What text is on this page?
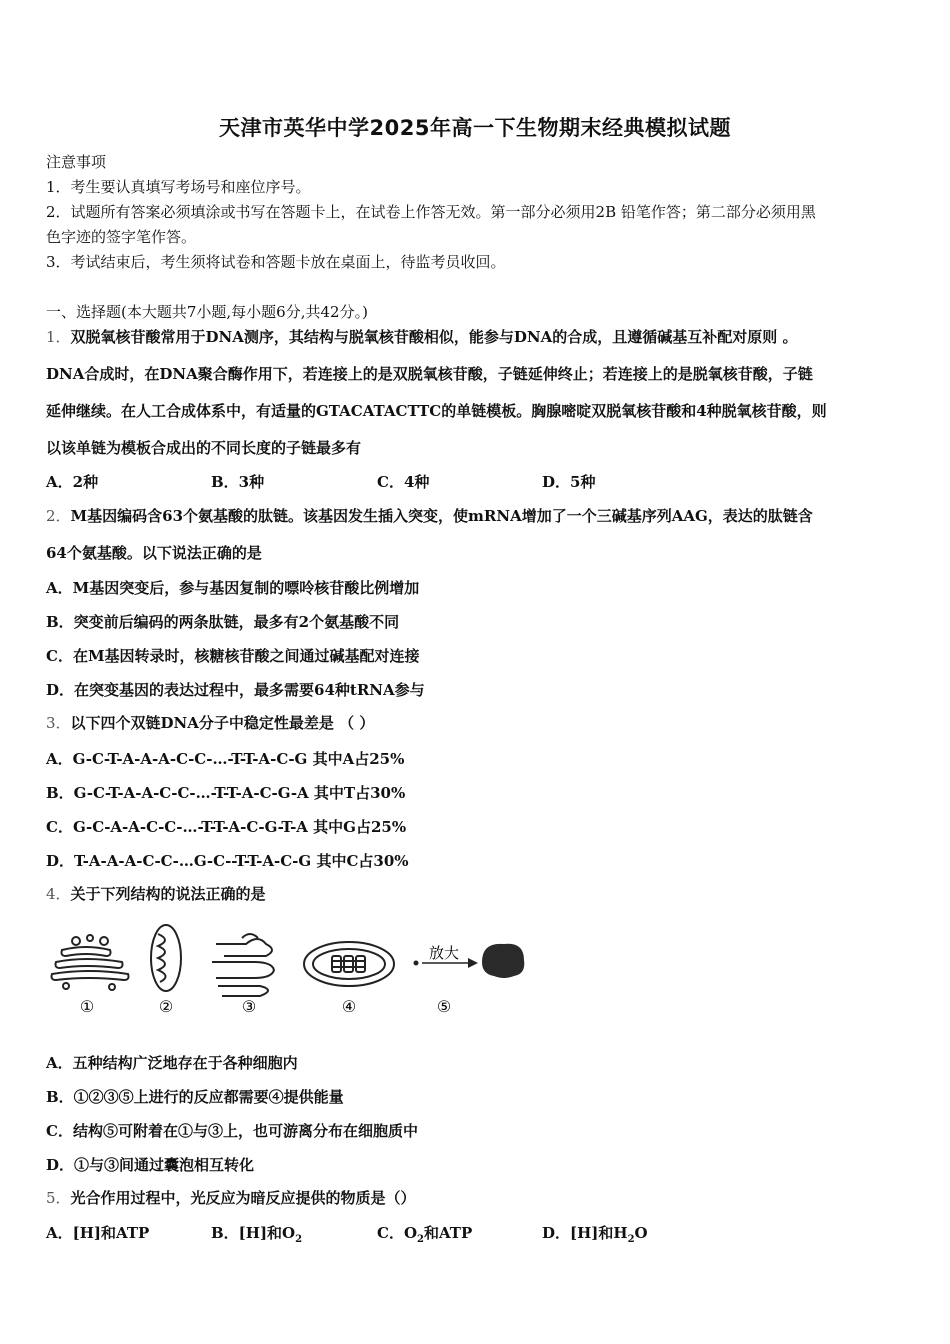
天津市英华中学2025年高一下生物期末经典模拟试题
注意事项
1．考生要认真填写考场号和座位序号。
2．试题所有答案必须填涂或书写在答题卡上，在试卷上作答无效。第一部分必须用2B 铅笔作答；第二部分必须用黑
色字迹的签字笔作答。
3．考试结束后，考生须将试卷和答题卡放在桌面上，待监考员收回。
一、选择题(本大题共7小题,每小题6分,共42分。)
1．双脱氧核苷酸常用于DNA测序，其结构与脱氧核苷酸相似，能参与DNA的合成，且遵循碱基互补配对原则 。
DNA合成时，在DNA聚合酶作用下，若连接上的是双脱氧核苷酸，子链延伸终止；若连接上的是脱氧核苷酸，子链
延伸继续。在人工合成体系中，有适量的GTACATACTTC的单链模板。胸腺嘧啶双脱氧核苷酸和4种脱氧核苷酸，则
以该单链为模板合成出的不同长度的子链最多有
A．2种	B．3种	C．4种	D．5种
2．M基因编码含63个氨基酸的肽链。该基因发生插入突变，使mRNA增加了一个三碱基序列AAG，表达的肽链含
64个氨基酸。以下说法正确的是
A．M基因突变后，参与基因复制的嘌呤核苷酸比例增加
B．突变前后编码的两条肽链，最多有2个氨基酸不同
C．在M基因转录时，核糖核苷酸之间通过碱基配对连接
D．在突变基因的表达过程中，最多需要64种tRNA参与
3．以下四个双链DNA分子中稳定性最差是 （ ）
A．G-C-T-A-A-A-C-C-…-T-T-A-C-G 其中A占25%
B．G-C-T-A-A-C-C-…-T-T-A-C-G-A 其中T占30%
C．G-C-A-A-C-C-…-T-T-A-C-G-T-A 其中G占25%
D．T-A-A-A-C-C-…G-C--T-T-A-C-G 其中C占30%
4．关于下列结构的说法正确的是
①	②	③	④
放大
⑤
A．五种结构广泛地存在于各种细胞内
B．①②③⑤上进行的反应都需要④提供能量
C．结构⑤可附着在①与③上，也可游离分布在细胞质中
D．①与③间通过囊泡相互转化
5．光合作用过程中，光反应为暗反应提供的物质是（）
A．[H]和ATP	B．[H]和$O_2$	C．$O_2$和ATP	D．[H]和$H_2O$
